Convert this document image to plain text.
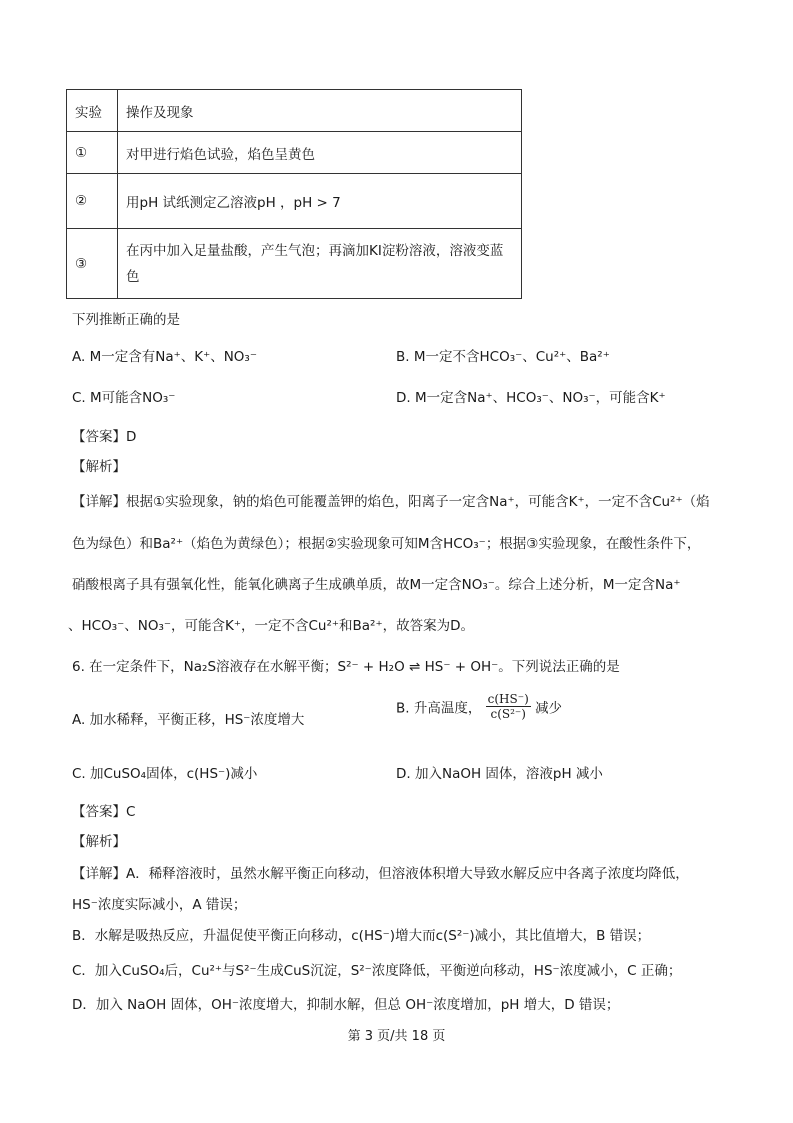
实验	操作及现象
①	对甲进行焰色试验，焰色呈黄色
②	用pH 试纸测定乙溶液pH ，pH > 7
③	在丙中加入足量盐酸，产生气泡；再滴加KI淀粉溶液，溶液变蓝
色
下列推断正确的是
A. M一定含有Na⁺、K⁺、NO₃⁻	B. M一定不含HCO₃⁻、Cu²⁺、Ba²⁺
C. M可能含NO₃⁻	D. M一定含Na⁺、HCO₃⁻、NO₃⁻，可能含K⁺
【答案】D
【解析】
【详解】根据①实验现象，钠的焰色可能覆盖钾的焰色，阳离子一定含Na⁺，可能含K⁺，一定不含Cu²⁺（焰
色为绿色）和Ba²⁺（焰色为黄绿色）；根据②实验现象可知M含HCO₃⁻；根据③实验现象，在酸性条件下，
硝酸根离子具有强氧化性，能氧化碘离子生成碘单质，故M一定含NO₃⁻。综合上述分析，M一定含Na⁺
、HCO₃⁻、NO₃⁻，可能含K⁺，一定不含Cu²⁺和Ba²⁺，故答案为D。
6. 在一定条件下，Na₂S溶液存在水解平衡；S²⁻ + H₂O ⇌ HS⁻ + OH⁻。下列说法正确的是
A. 加水稀释，平衡正移，HS⁻浓度增大
B. 升高温度， $\frac{c(HS^-)}{\text{c(S²⁻)}}$ 减少
C. 加CuSO₄固体，c(HS⁻)减小	D. 加入NaOH 固体，溶液pH 减小
【答案】C
【解析】
【详解】A．稀释溶液时，虽然水解平衡正向移动，但溶液体积增大导致水解反应中各离子浓度均降低，
HS⁻浓度实际减小，A 错误；
B．水解是吸热反应，升温促使平衡正向移动，c(HS⁻)增大而c(S²⁻)减小，其比值增大，B 错误；
C．加入CuSO₄后，Cu²⁺与S²⁻生成CuS沉淀，S²⁻浓度降低，平衡逆向移动，HS⁻浓度减小，C 正确；
D．加入 NaOH 固体，OH⁻浓度增大，抑制水解，但总 OH⁻浓度增加，pH 增大，D 错误；
第 3 页/共 18 页
